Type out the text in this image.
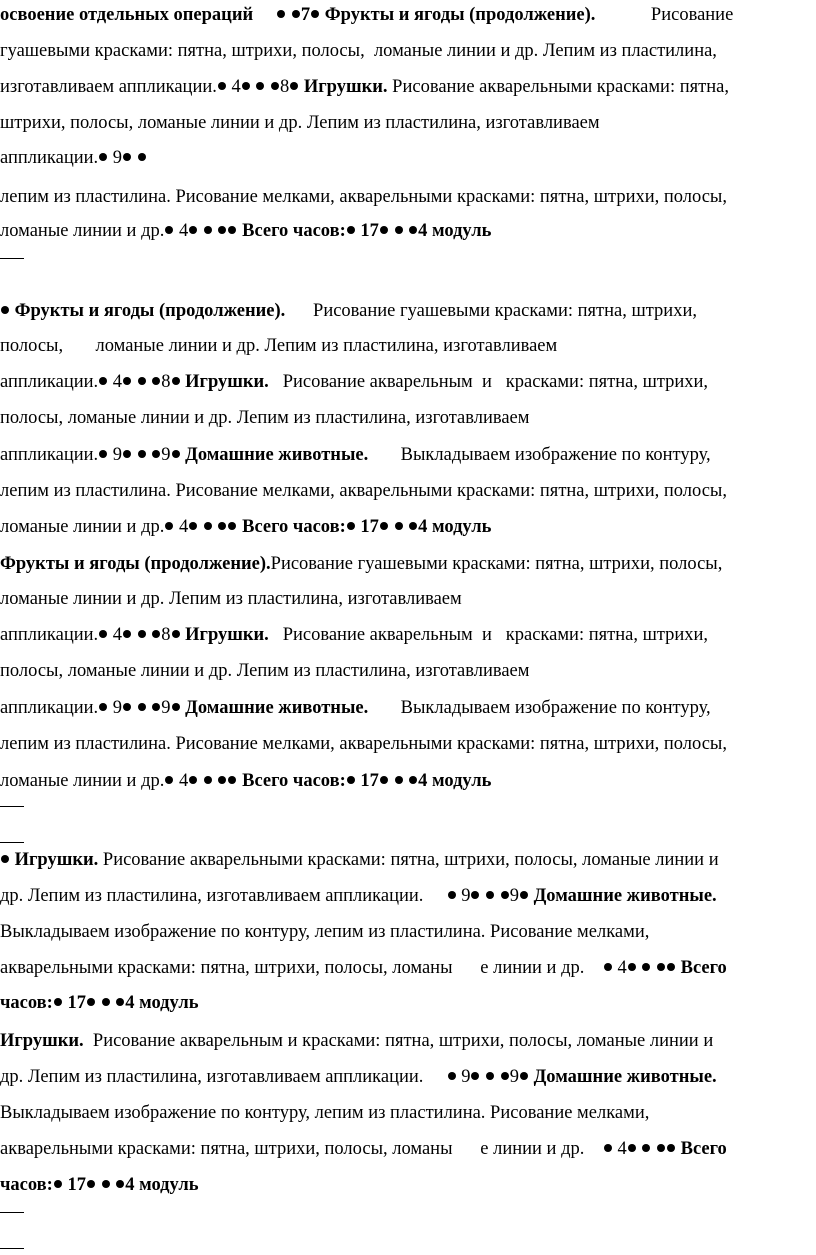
освоение отдельных операций	7 Фрукты и ягоды (продолжение).	Рисование
гуашевыми красками: пятна, штрихи, полосы,  ломаные линии и др. Лепим из пластилина,
изготавливаем аппликации. 4 8 Игрушки. Рисование акварельными красками: пятна,
штрихи, полосы, ломаные линии и др. Лепим из пластилина, изготавливаем
аппликации. 9
лепим из пластилина. Рисование мелками, акварельными красками: пятна, штрихи, полосы,
ломаные линии и др. 4	Всего часов: 17 4 модуль
Фрукты и ягоды (продолжение). Рисование гуашевыми красками: пятна, штрихи,
полосы,       ломаные линии и др. Лепим из пластилина, изготавливаем
аппликации. 4 8 Игрушки. Рисование акварельным  и   красками: пятна, штрихи,
полосы, ломаные линии и др. Лепим из пластилина, изготавливаем
аппликации. 9 9 Домашние животные. Выкладываем изображение по контуру,
лепим из пластилина. Рисование мелками, акварельными красками: пятна, штрихи, полосы,
ломаные линии и др. 4	Всего часов: 17 4 модуль
Фрукты и ягоды (продолжение).Рисование гуашевыми красками: пятна, штрихи, полосы,
ломаные линии и др. Лепим из пластилина, изготавливаем
аппликации. 4 8 Игрушки. Рисование акварельным  и   красками: пятна, штрихи,
полосы, ломаные линии и др. Лепим из пластилина, изготавливаем
аппликации. 9 9 Домашние животные. Выкладываем изображение по контуру,
лепим из пластилина. Рисование мелками, акварельными красками: пятна, штрихи, полосы,
ломаные линии и др. 4	Всего часов: 17 4 модуль
Игрушки. Рисование акварельными красками: пятна, штрихи, полосы, ломаные линии и
др. Лепим из пластилина, изготавливаем аппликации. 9 9 Домашние животные.
Выкладываем изображение по контуру, лепим из пластилина. Рисование мелками,
акварельными красками: пятна, штрихи, полосы, ломаны      е линии и др. 4	Всего
часов: 17 4 модуль
Игрушки. Рисование акварельным и красками: пятна, штрихи, полосы, ломаные линии и
др. Лепим из пластилина, изготавливаем аппликации. 9 9 Домашние животные.
Выкладываем изображение по контуру, лепим из пластилина. Рисование мелками,
акварельными красками: пятна, штрихи, полосы, ломаны      е линии и др. 4	Всего
часов: 17 4 модуль
